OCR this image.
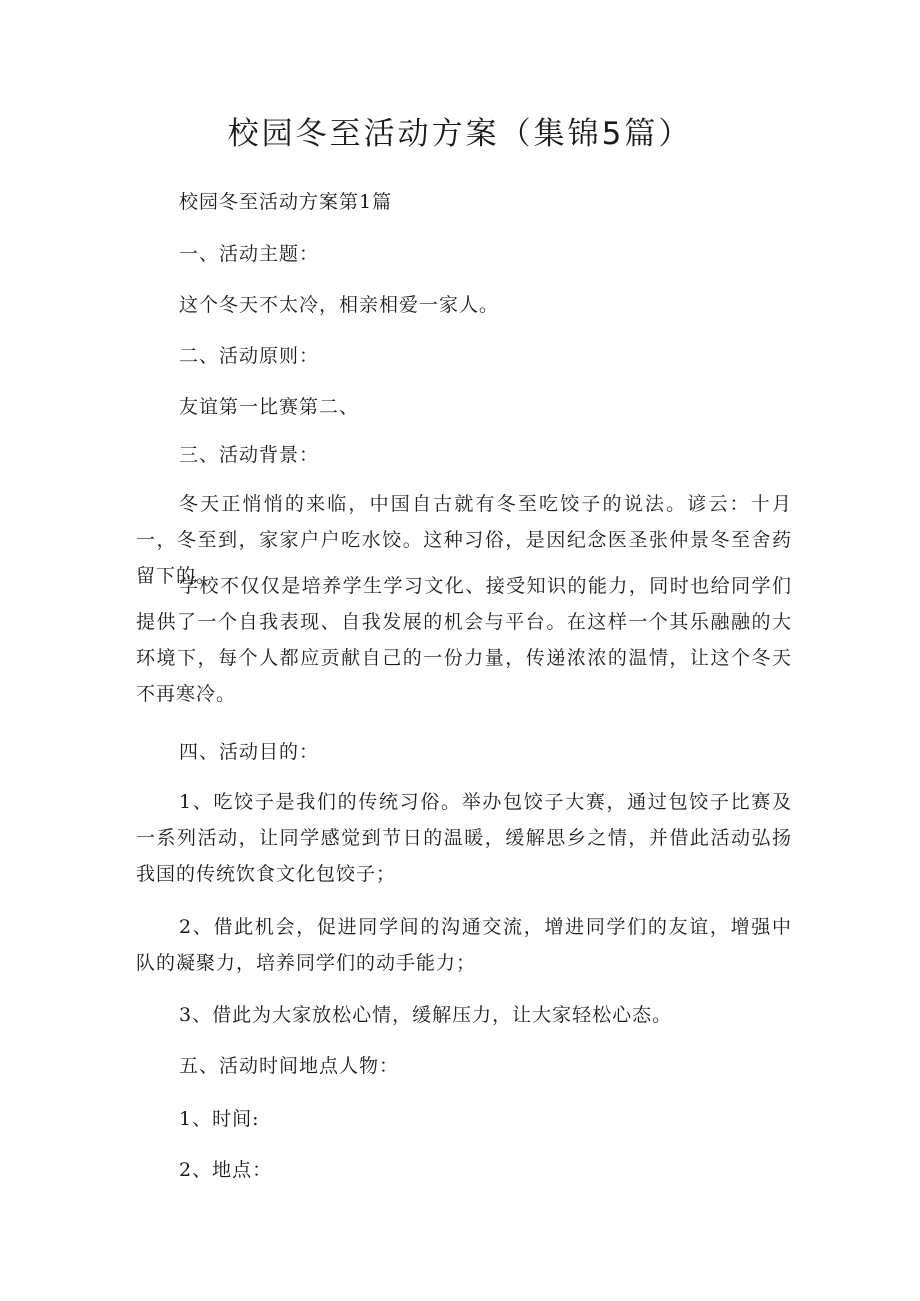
校园冬至活动方案（集锦5篇）
校园冬至活动方案第1篇
一、活动主题：
这个冬天不太冷，相亲相爱一家人。
二、活动原则：
友谊第一比赛第二、
三、活动背景：
冬天正悄悄的来临，中国自古就有冬至吃饺子的说法。谚云：十月一，冬至到，家家户户吃水饺。这种习俗，是因纪念医圣张仲景冬至舍药留下的。
学校不仅仅是培养学生学习文化、接受知识的能力，同时也给同学们提供了一个自我表现、自我发展的机会与平台。在这样一个其乐融融的大环境下，每个人都应贡献自己的一份力量，传递浓浓的温情，让这个冬天不再寒冷。
四、活动目的：
1、吃饺子是我们的传统习俗。举办包饺子大赛，通过包饺子比赛及一系列活动，让同学感觉到节日的温暖，缓解思乡之情，并借此活动弘扬我国的传统饮食文化包饺子；
2、借此机会，促进同学间的沟通交流，增进同学们的友谊，增强中队的凝聚力，培养同学们的动手能力；
3、借此为大家放松心情，缓解压力，让大家轻松心态。
五、活动时间地点人物：
1、时间:
2、地点：
